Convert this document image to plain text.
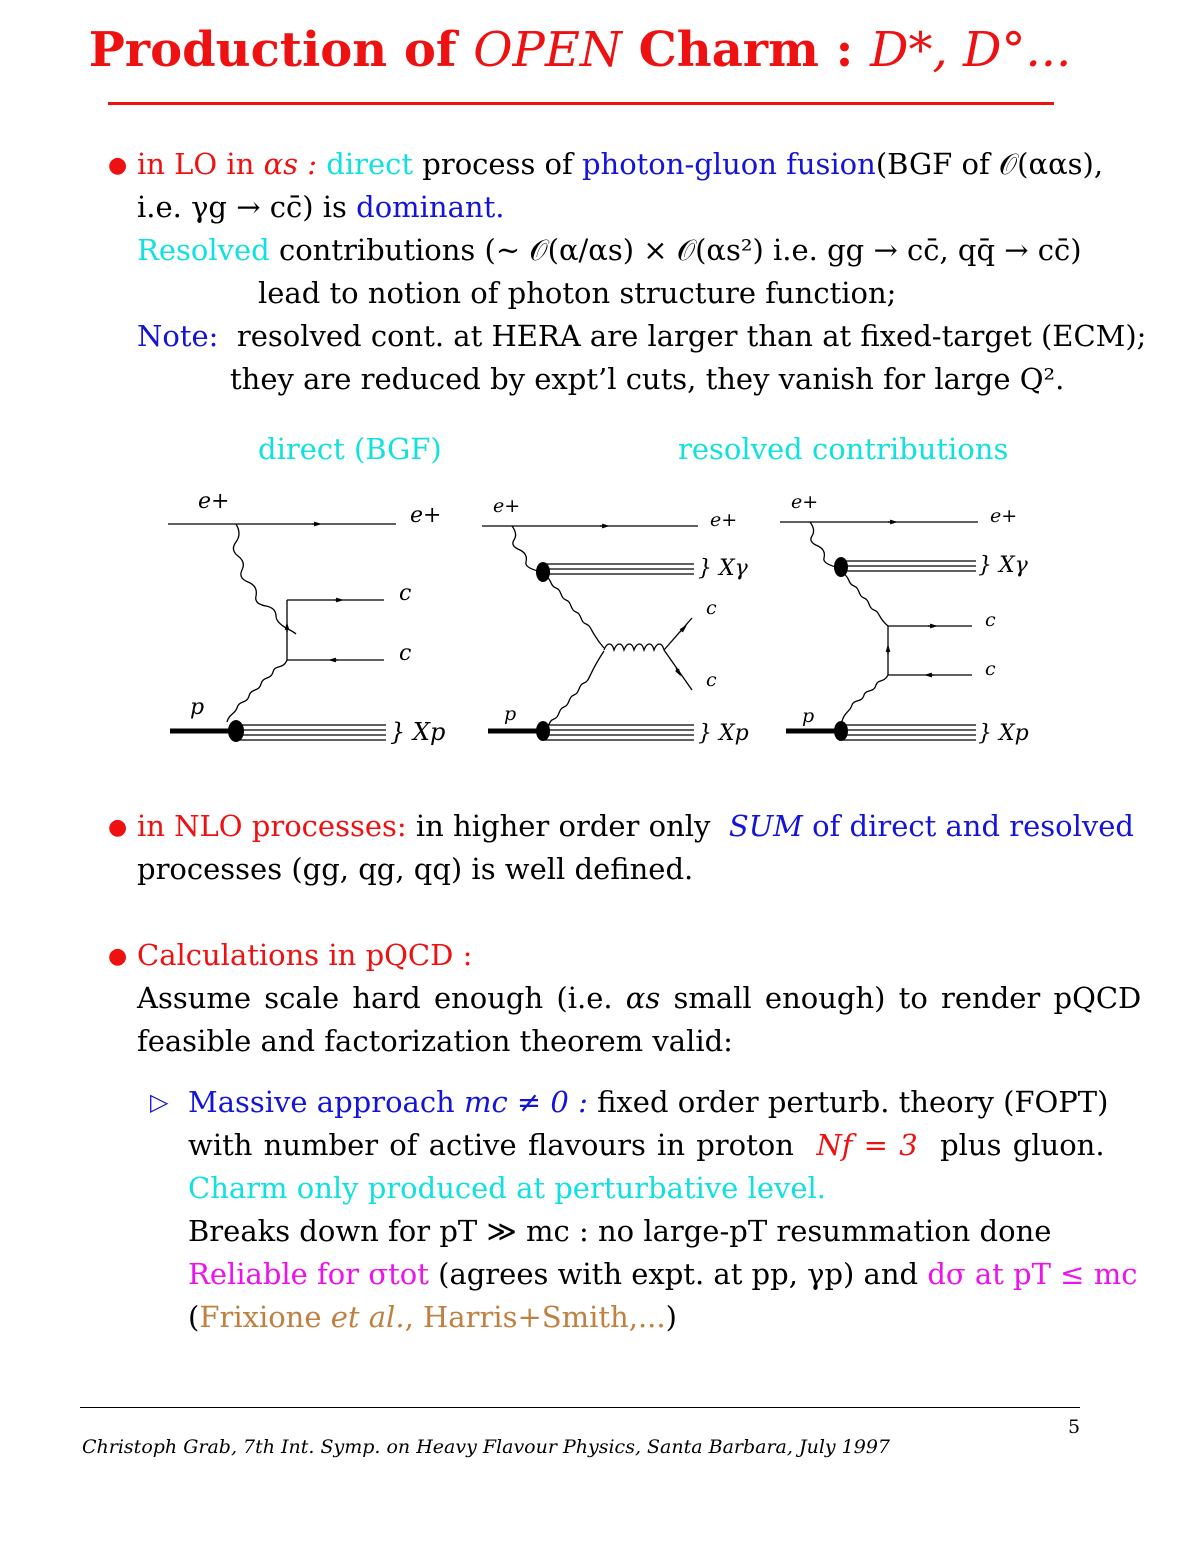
Production of OPEN Charm : D*, D°...
● in LO in αs : direct process of photon-gluon fusion(BGF of 𝒪(ααs),
i.e. γg → cc̄) is dominant.
Resolved contributions (∼ 𝒪(α/αs) × 𝒪(αs²) i.e. gg → cc̄, qq̄ → cc̄)
lead to notion of photon structure function;
Note: resolved cont. at HERA are larger than at fixed-target (ECM);
they are reduced by expt’l cuts, they vanish for large Q².
direct (BGF)	resolved contributions
e+
e+
c
c
p
} Xp
e+
e+
} Xγ
c
c
p
} Xp
e+
e+
} Xγ
c
c
p
} Xp
● in NLO processes: in higher order only  SUM of direct and resolved
processes (gg, qg, qq) is well defined.
● Calculations in pQCD :
Assume scale hard enough (i.e. αs small enough) to render pQCD
feasible and factorization theorem valid:
▷ Massive approach mc ≠ 0 : fixed order perturb. theory (FOPT)
with number of active flavours in proton  Nf = 3  plus gluon.
Charm only produced at perturbative level.
Breaks down for pT ≫ mc : no large-pT resummation done
Reliable for σtot (agrees with expt. at pp, γp) and dσ at pT ≤ mc
(Frixione et al., Harris+Smith,...)
5
Christoph Grab, 7th Int. Symp. on Heavy Flavour Physics, Santa Barbara, July 1997
